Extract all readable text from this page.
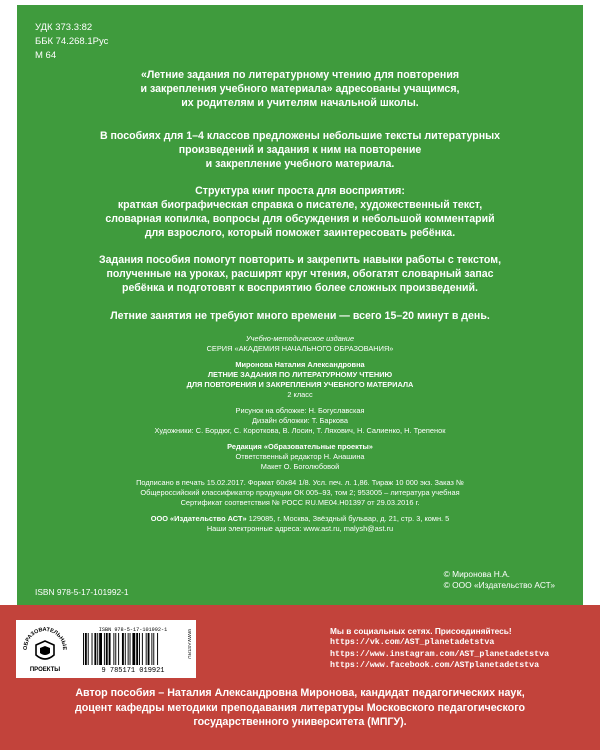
УДК 373.3:82
ББК 74.268.1Рус
М 64
«Летние задания по литературному чтению для повторения
и закрепления учебного материала» адресованы учащимся,
их родителям и учителям начальной школы.
В пособиях для 1–4 классов предложены небольшие тексты литературных
произведений и задания к ним на повторение
и закрепление учебного материала.
Структура книг проста для восприятия:
краткая биографическая справка о писателе, художественный текст,
словарная копилка, вопросы для обсуждения и небольшой комментарий
для взрослого, который поможет заинтересовать ребёнка.
Задания пособия помогут повторить и закрепить навыки работы с текстом,
полученные на уроках, расширят круг чтения, обогатят словарный запас
ребёнка и подготовят к восприятию более сложных произведений.
Летние занятия не требуют много времени — всего 15–20 минут в день.
Учебно-методическое издание
СЕРИЯ «АКАДЕМИЯ НАЧАЛЬНОГО ОБРАЗОВАНИЯ»
Миронова Наталия Александровна
ЛЕТНИЕ ЗАДАНИЯ ПО ЛИТЕРАТУРНОМУ ЧТЕНИЮ
ДЛЯ ПОВТОРЕНИЯ И ЗАКРЕПЛЕНИЯ УЧЕБНОГО МАТЕРИАЛА
2 класс
Рисунок на обложке: Н. Богуславская
Дизайн обложки: Т. Баркова
Художники: С. Бордюг, С. Короткова, В. Лосин, Т. Ляхович, Н. Салиенко, Н. Трепенок
Редакция «Образовательные проекты»
Ответственный редактор Н. Анашина
Макет О. Боголюбовой
Подписано в печать 15.02.2017. Формат 60x84 1/8. Усл. печ. л. 1,86. Тираж 10 000 экз. Заказ №
Общероссийский классификатор продукции ОК 005–93, том 2; 953005 – литература учебная
Сертификат соответствия № РОСС RU.МЕ04.Н01397 от 29.03.2016 г.
ООО «Издательство АСТ» 129085, г. Москва, Звёздный бульвар, д. 21, стр. 3, комн. 5
Наши электронные адреса: www.ast.ru, malysh@ast.ru
ISBN 978-5-17-101992-1
© Миронова Н.А.
© ООО «Издательство АСТ»
ОБРАЗОВАТЕЛЬНЫЕ
ПРОЕКТЫ
ISBN 978-5-17-101992-1
9 785171 019921
WWW.AST.RU	Мы в социальных сетях. Присоединяйтесь!
https://vk.com/AST_planetadetstva
https://www.instagram.com/AST_planetadetstva
https://www.facebook.com/ASTplanetadetstva
Автор пособия – Наталия Александровна Миронова, кандидат педагогических наук,
доцент кафедры методики преподавания литературы Московского педагогического
государственного университета (МПГУ).
